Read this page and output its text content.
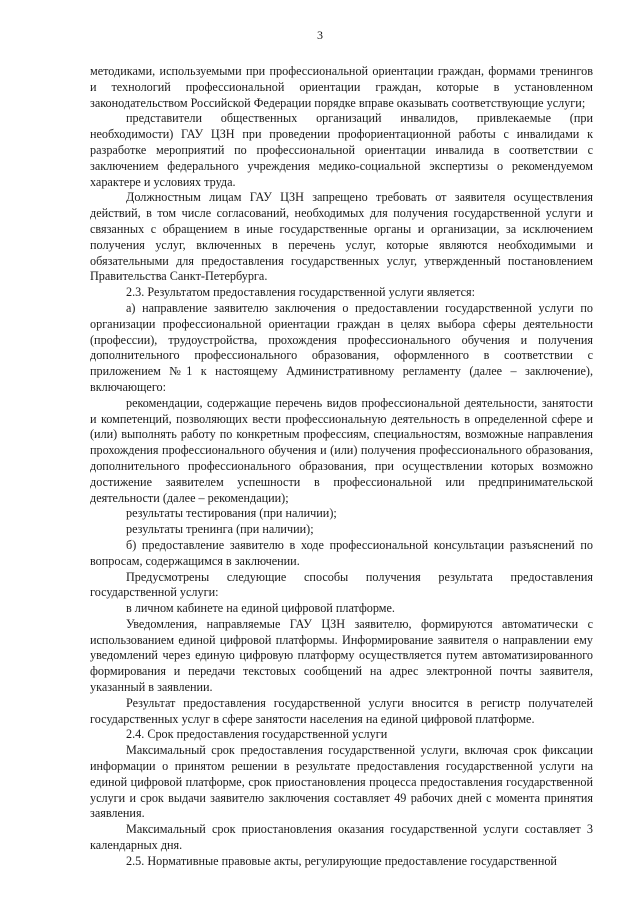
3

методиками, используемыми при профессиональной ориентации граждан, формами тренингов и технологий профессиональной ориентации граждан, которые в установленном законодательством Российской Федерации порядке вправе оказывать соответствующие услуги;

представители общественных организаций инвалидов, привлекаемые (при необходимости) ГАУ ЦЗН при проведении профориентационной работы с инвалидами к разработке мероприятий по профессиональной ориентации инвалида в соответствии с заключением федерального учреждения медико-социальной экспертизы о рекомендуемом характере и условиях труда.

Должностным лицам ГАУ ЦЗН запрещено требовать от заявителя осуществления действий, в том числе согласований, необходимых для получения государственной услуги и связанных с обращением в иные государственные органы и организации, за исключением получения услуг, включенных в перечень услуг, которые являются необходимыми и обязательными для предоставления государственных услуг, утвержденный постановлением Правительства Санкт-Петербурга.

2.3. Результатом предоставления государственной услуги является:

а) направление заявителю заключения о предоставлении государственной услуги по организации профессиональной ориентации граждан в целях выбора сферы деятельности (профессии), трудоустройства, прохождения профессионального обучения и получения дополнительного профессионального образования, оформленного в соответствии с приложением №1 к настоящему Административному регламенту (далее – заключение), включающего:

рекомендации, содержащие перечень видов профессиональной деятельности, занятости и компетенций, позволяющих вести профессиональную деятельность в определенной сфере и (или) выполнять работу по конкретным профессиям, специальностям, возможные направления прохождения профессионального обучения и (или) получения профессионального образования, дополнительного профессионального образования, при осуществлении которых возможно достижение заявителем успешности в профессиональной или предпринимательской деятельности (далее – рекомендации);

результаты тестирования (при наличии);

результаты тренинга (при наличии);

б) предоставление заявителю в ходе профессиональной консультации разъяснений по вопросам, содержащимся в заключении.

Предусмотрены следующие способы получения результата предоставления государственной услуги:

в личном кабинете на единой цифровой платформе.

Уведомления, направляемые ГАУ ЦЗН заявителю, формируются автоматически с использованием единой цифровой платформы. Информирование заявителя о направлении ему уведомлений через единую цифровую платформу осуществляется путем автоматизированного формирования и передачи текстовых сообщений на адрес электронной почты заявителя, указанный в заявлении.

Результат предоставления государственной услуги вносится в регистр получателей государственных услуг в сфере занятости населения на единой цифровой платформе.

2.4. Срок предоставления государственной услуги

Максимальный срок предоставления государственной услуги, включая срок фиксации информации о принятом решении в результате предоставления государственной услуги на единой цифровой платформе, срок приостановления процесса предоставления государственной услуги и срок выдачи заявителю заключения составляет 49 рабочих дней с момента принятия заявления.

Максимальный срок приостановления оказания государственной услуги составляет 3 календарных дня.

2.5. Нормативные правовые акты, регулирующие предоставление государственной
